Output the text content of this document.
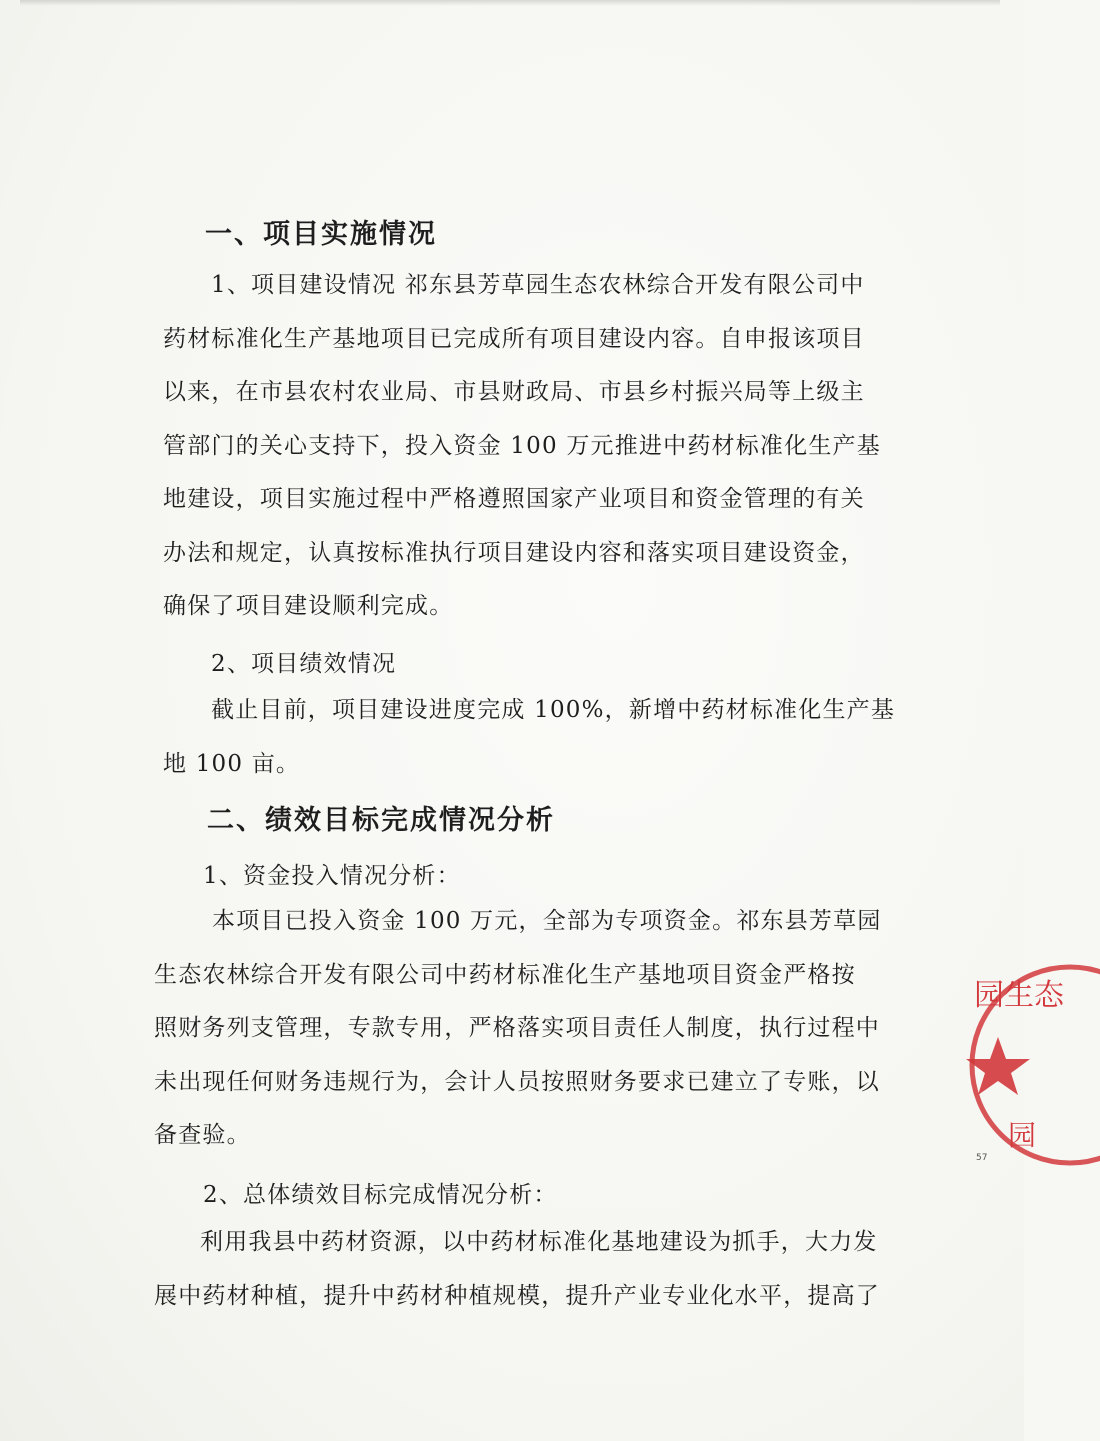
一、项目实施情况
1、项目建设情况 祁东县芳草园生态农林综合开发有限公司中
药材标准化生产基地项目已完成所有项目建设内容。自申报该项目
以来，在市县农村农业局、市县财政局、市县乡村振兴局等上级主
管部门的关心支持下，投入资金 100 万元推进中药材标准化生产基
地建设，项目实施过程中严格遵照国家产业项目和资金管理的有关
办法和规定，认真按标准执行项目建设内容和落实项目建设资金，
确保了项目建设顺利完成。
2、项目绩效情况
截止目前，项目建设进度完成 100%，新增中药材标准化生产基
地 100 亩。
二、绩效目标完成情况分析
1、资金投入情况分析：
本项目已投入资金 100 万元，全部为专项资金。祁东县芳草园
生态农林综合开发有限公司中药材标准化生产基地项目资金严格按
照财务列支管理，专款专用，严格落实项目责任人制度，执行过程中
未出现任何财务违规行为，会计人员按照财务要求已建立了专账，以
备查验。
2、总体绩效目标完成情况分析：
利用我县中药材资源，以中药材标准化基地建设为抓手，大力发
展中药材种植，提升中药材种植规模，提升产业专业化水平，提高了
园生态
园
57
